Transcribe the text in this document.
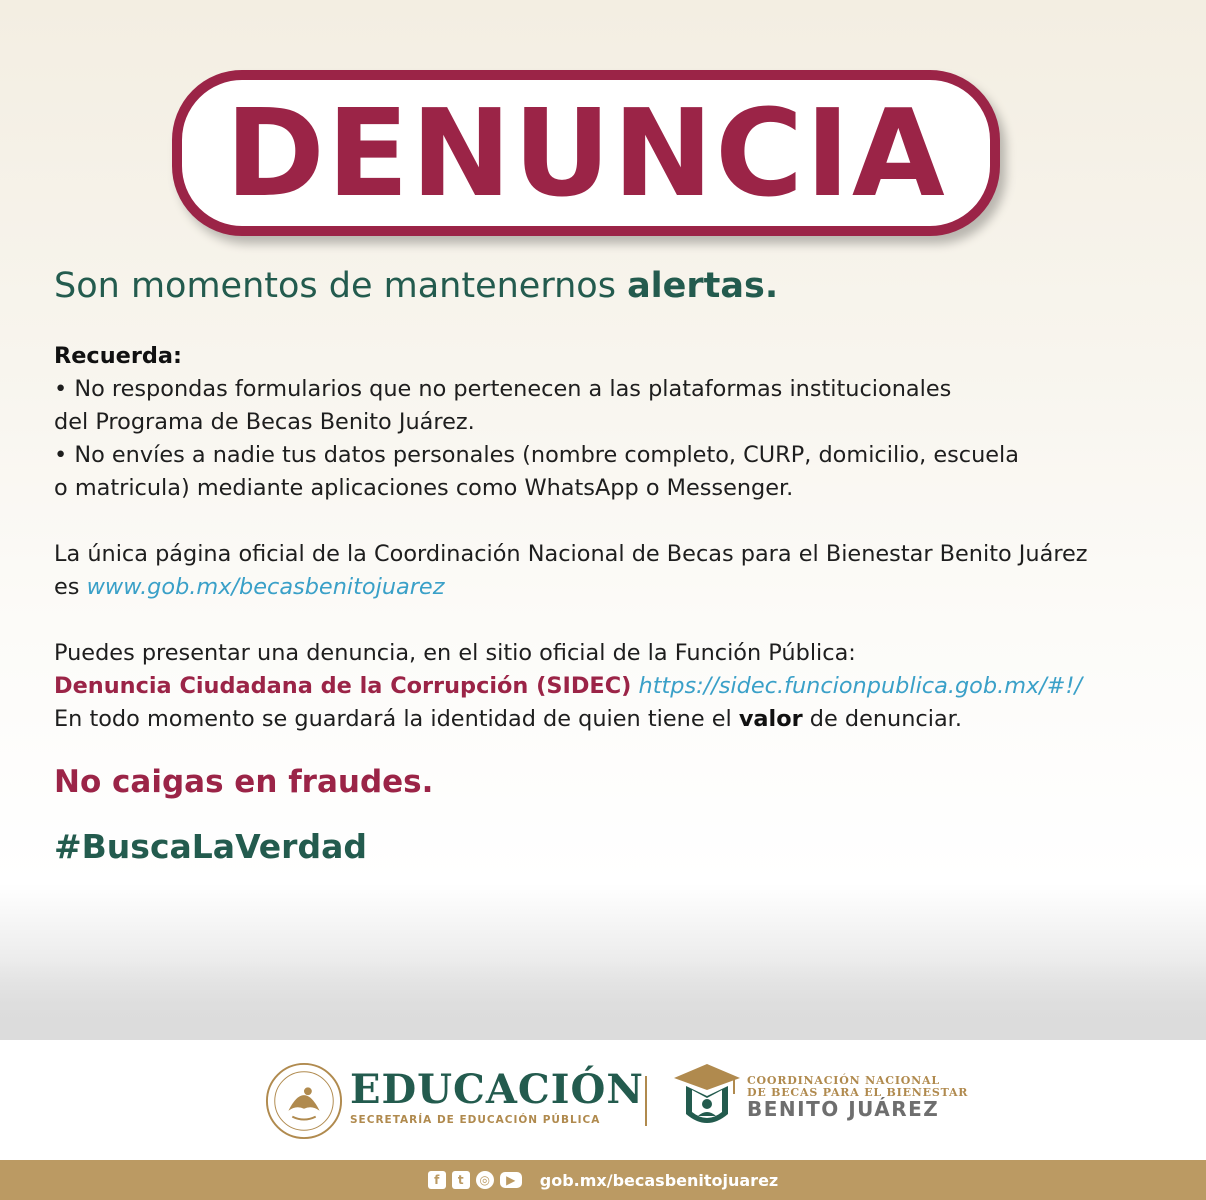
DENUNCIA
Son momentos de mantenernos alertas.
Recuerda:
• No respondas formularios que no pertenecen a las plataformas institucionales
del Programa de Becas Benito Juárez.
• No envíes a nadie tus datos personales (nombre completo, CURP, domicilio, escuela
o matricula) mediante aplicaciones como WhatsApp o Messenger.
La única página oficial de la Coordinación Nacional de Becas para el Bienestar Benito Juárez
es www.gob.mx/becasbenitojuarez
Puedes presentar una denuncia, en el sitio oficial de la Función Pública:
Denuncia Ciudadana de la Corrupción (SIDEC) https://sidec.funcionpublica.gob.mx/#!/
En todo momento se guardará la identidad de quien tiene el valor de denunciar.
No caigas en fraudes.
#BuscaLaVerdad
EDUCACIÓN
SECRETARÍA DE EDUCACIÓN PÚBLICA
COORDINACIÓN NACIONAL
DE BECAS PARA EL BIENESTAR
BENITO JUÁREZ
f	t	◎	▶	gob.mx/becasbenitojuarez
